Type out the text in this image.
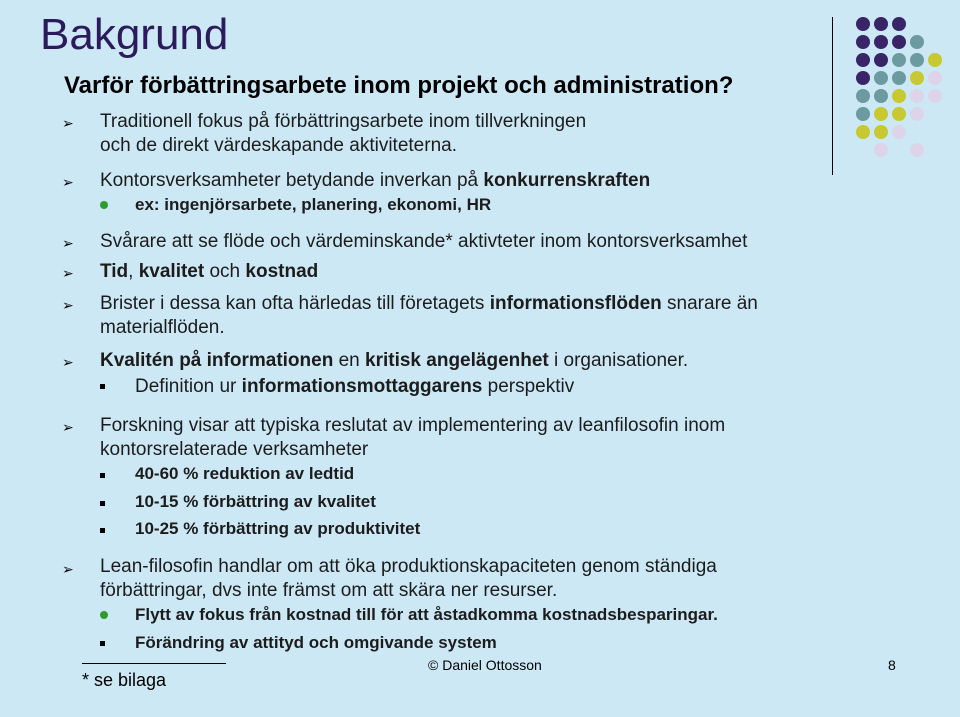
Bakgrund
Varför förbättringsarbete inom projekt och administration?
➢ Traditionell fokus på förbättringsarbete inom tillverkningen
och de direkt värdeskapande aktiviteterna.
➢ Kontorsverksamheter betydande inverkan på konkurrenskraften
ex: ingenjörsarbete, planering, ekonomi, HR
➢ Svårare att se flöde och värdeminskande* aktivteter inom kontorsverksamhet
➢ Tid, kvalitet och kostnad
➢ Brister i dessa kan ofta härledas till företagets informationsflöden snarare än
materialflöden.
➢ Kvalitén på informationen en kritisk angelägenhet i organisationer.
Definition ur informationsmottaggarens perspektiv
➢ Forskning visar att typiska reslutat av implementering av leanfilosofin inom
kontorsrelaterade verksamheter
40-60 % reduktion av ledtid
10-15 % förbättring av kvalitet
10-25 % förbättring av produktivitet
➢ Lean-filosofin handlar om att öka produktionskapaciteten genom ständiga
förbättringar, dvs inte främst om att skära ner resurser.
Flytt av fokus från kostnad till för att åstadkomma kostnadsbesparingar.
Förändring av attityd och omgivande system
* se bilaga
© Daniel Ottosson	8
